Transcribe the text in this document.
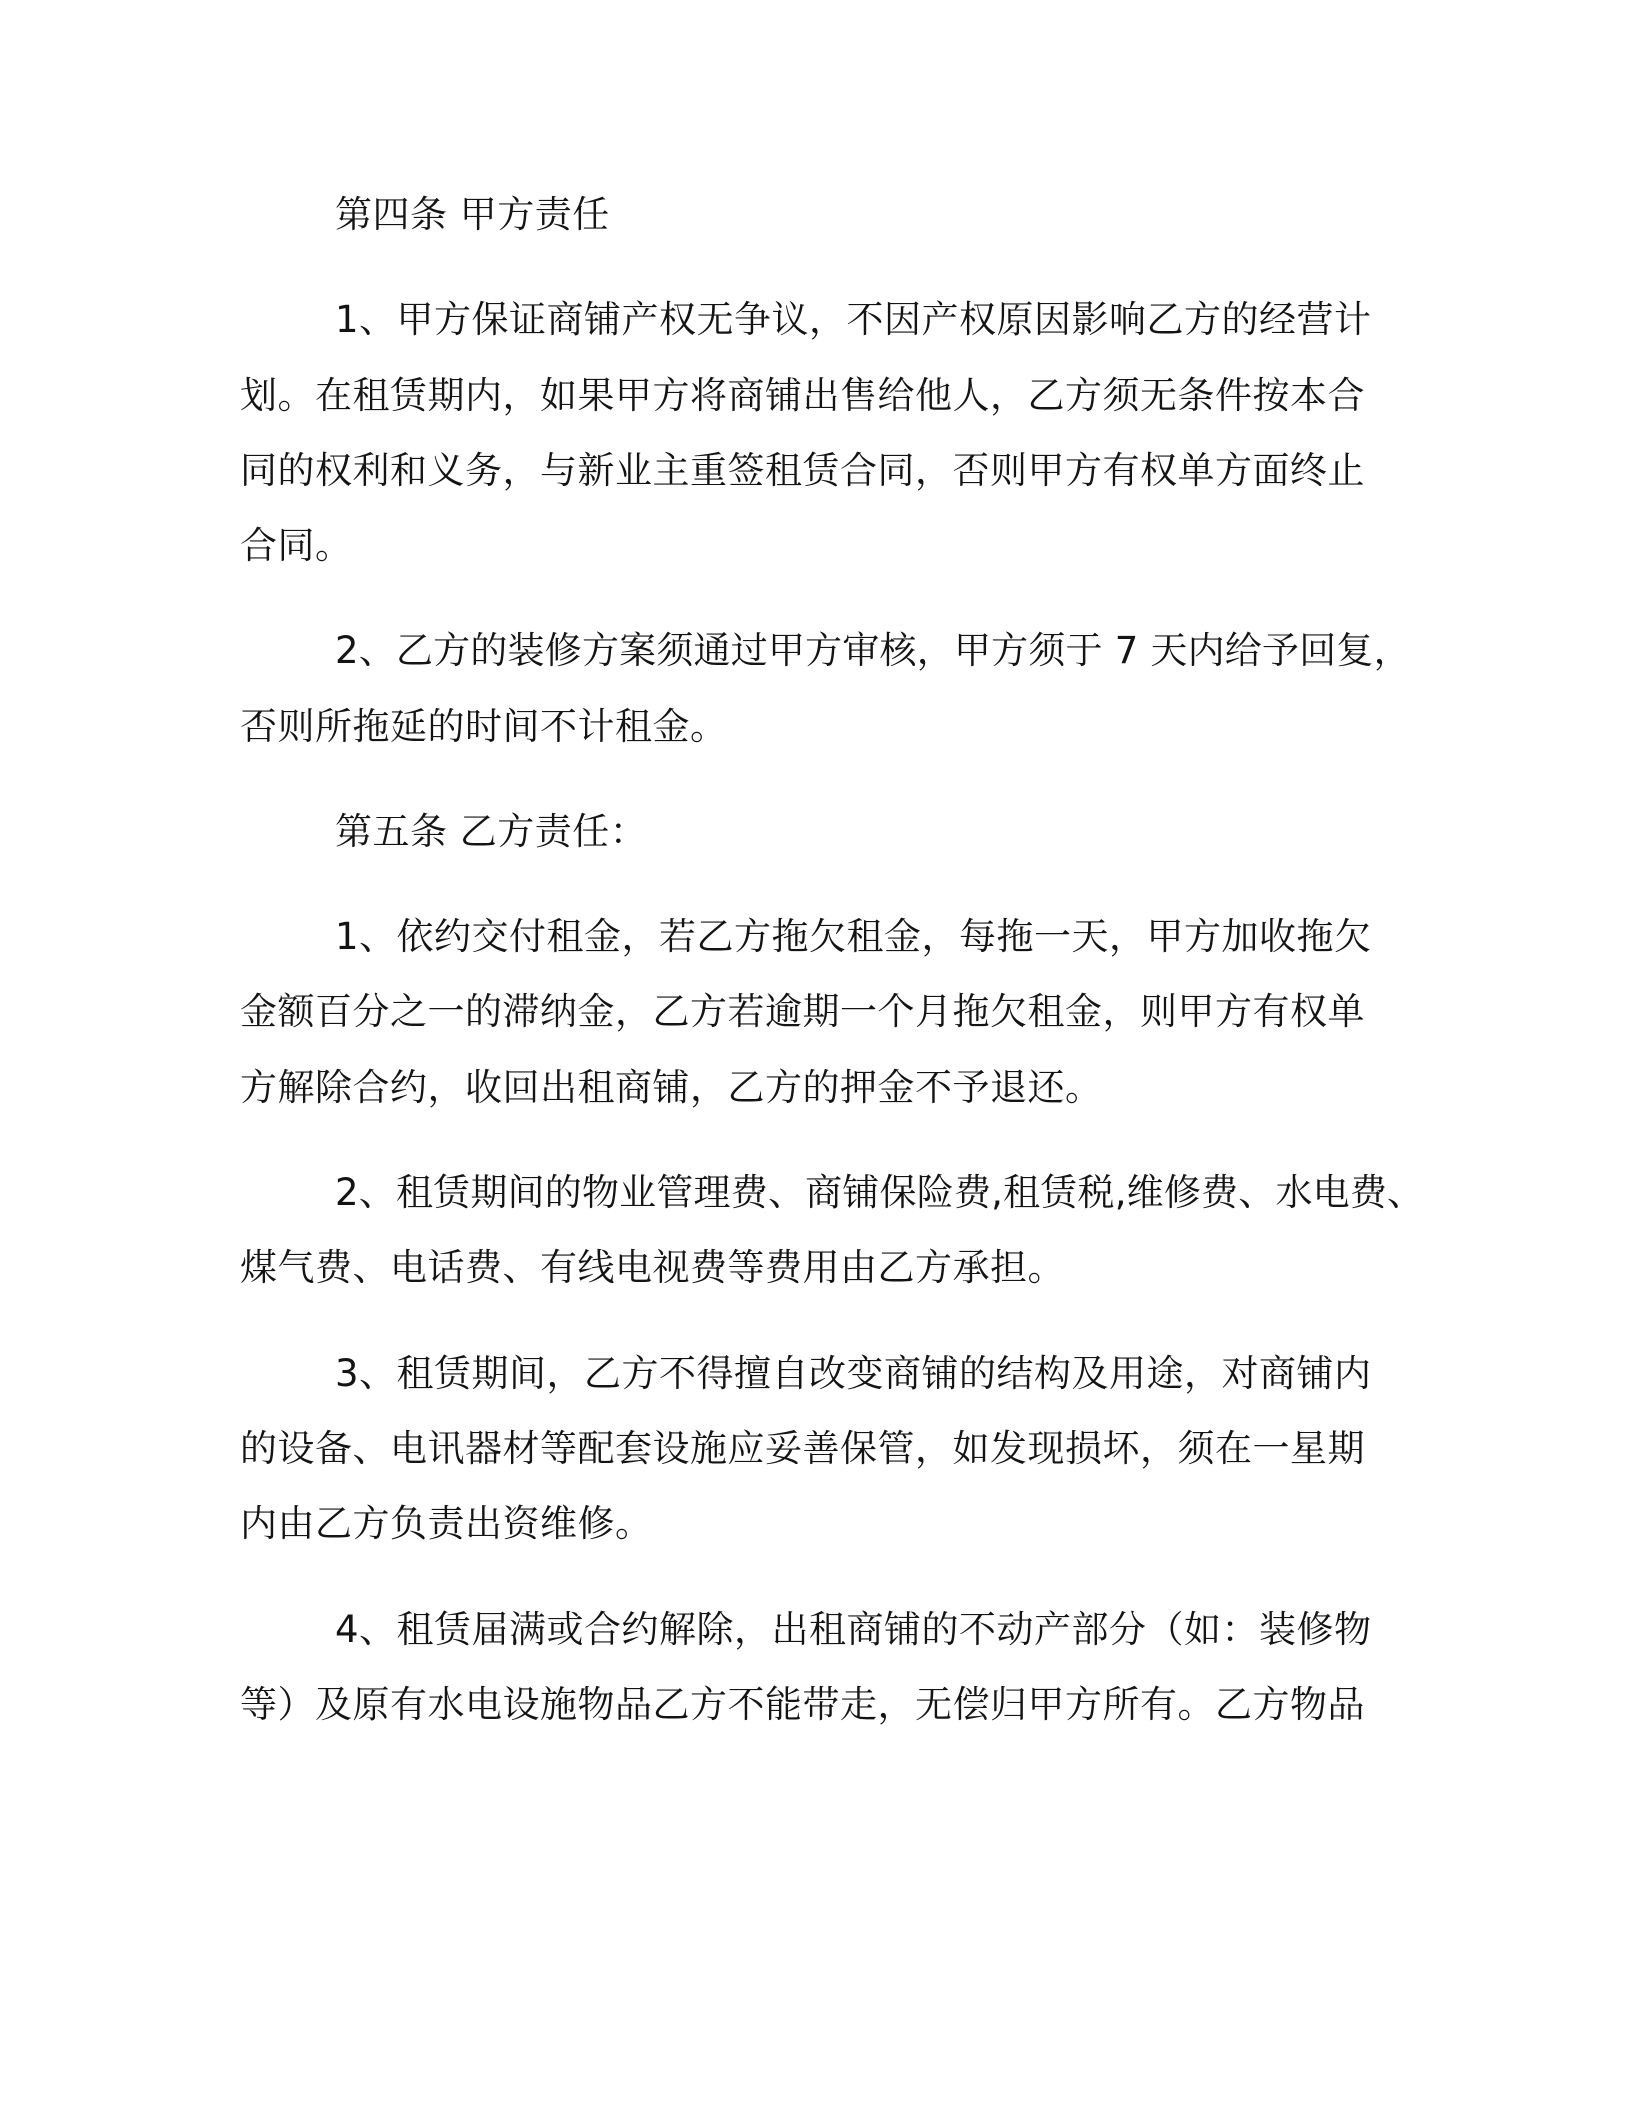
第四条 甲方责任
1、甲方保证商铺产权无争议，不因产权原因影响乙方的经营计
划。在租赁期内，如果甲方将商铺出售给他人，乙方须无条件按本合
同的权利和义务，与新业主重签租赁合同，否则甲方有权单方面终止
合同。
2、乙方的装修方案须通过甲方审核，甲方须于 7 天内给予回复，
否则所拖延的时间不计租金。
第五条 乙方责任：
1、依约交付租金，若乙方拖欠租金，每拖一天，甲方加收拖欠
金额百分之一的滞纳金，乙方若逾期一个月拖欠租金，则甲方有权单
方解除合约，收回出租商铺，乙方的押金不予退还。
2、租赁期间的物业管理费、商铺保险费,租赁税,维修费、水电费、
煤气费、电话费、有线电视费等费用由乙方承担。
3、租赁期间，乙方不得擅自改变商铺的结构及用途，对商铺内
的设备、电讯器材等配套设施应妥善保管，如发现损坏，须在一星期
内由乙方负责出资维修。
4、租赁届满或合约解除，出租商铺的不动产部分（如：装修物
等）及原有水电设施物品乙方不能带走，无偿归甲方所有。乙方物品
